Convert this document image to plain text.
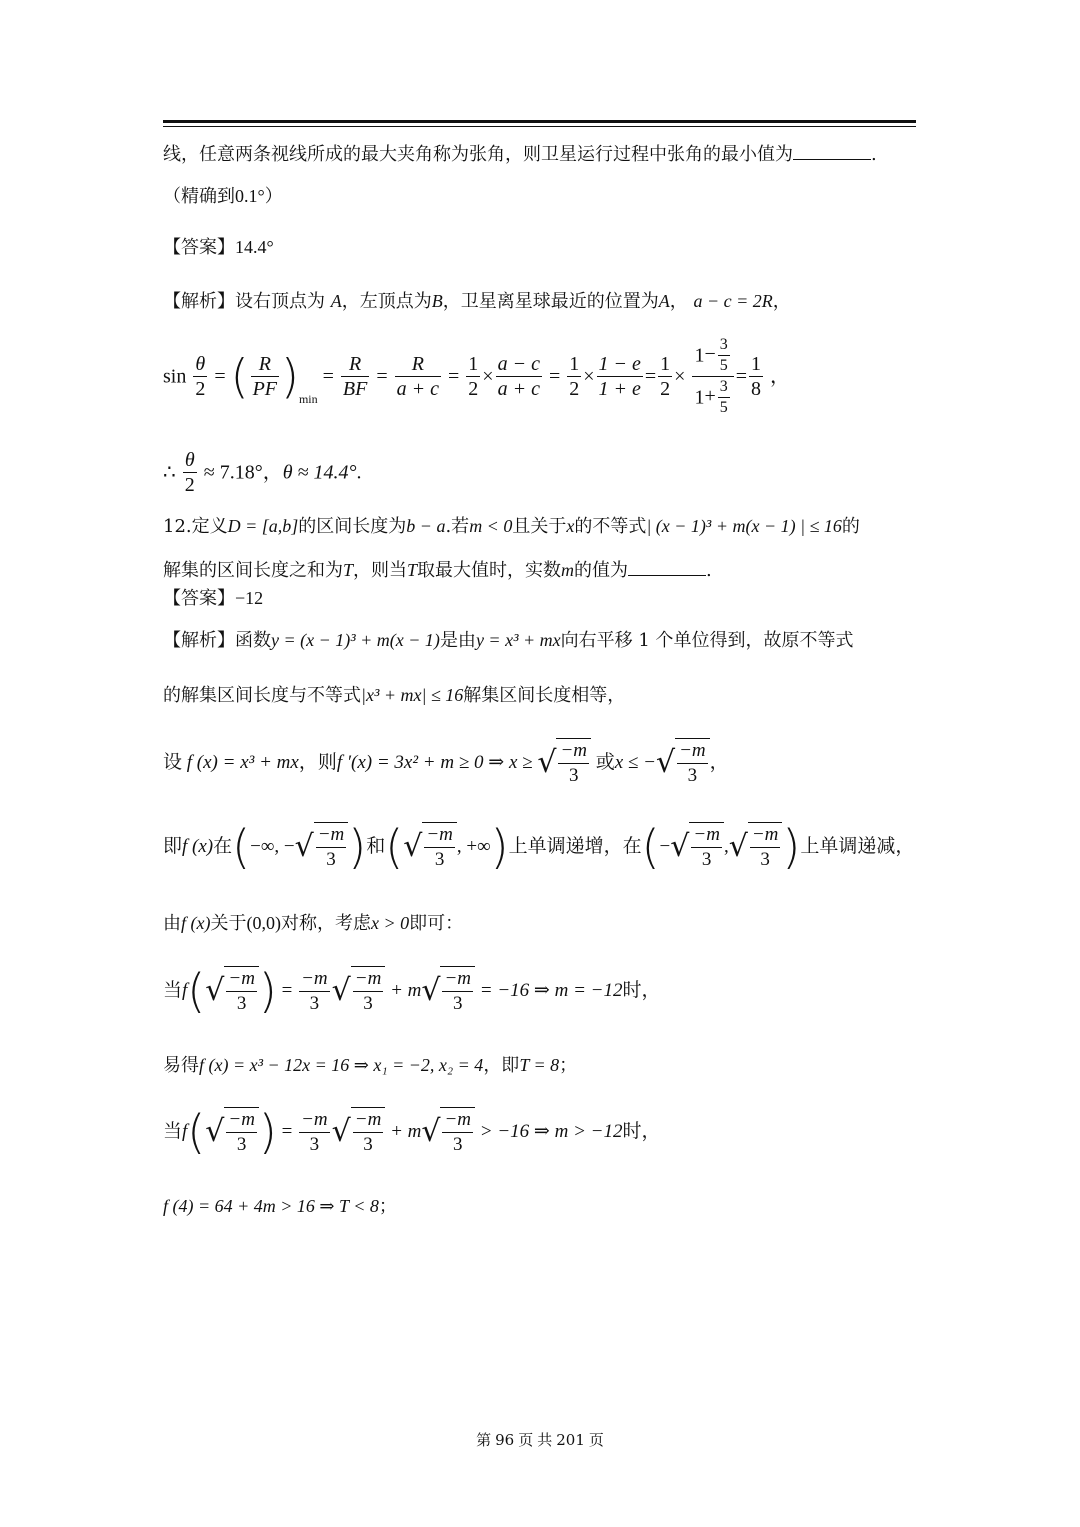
线，任意两条视线所成的最大夹角称为张角，则卫星运行过程中张角的最小值为	.
（精确到0.1°）
【答案】14.4°
【解析】设右顶点为 A，左顶点为B，卫星离星球最近的位置为A， a − c = 2R，
$\sin \frac{\theta}{2}$ = ( $\frac{R}{PF} )_{min} = \frac{R}{BF} = \frac{R}{a + c} = \frac{1}{2} \times \frac{a - c}{a + c} = \frac{1}{2} \times \frac{1 - e}{1 + e} = \frac{1}{2} \times \frac{1- \frac{3}{5}}{1+ \frac{3}{5}} = \frac{1}{8}$ ，
∴ $\frac{\theta}{2} \approx 7.18^\circ$，θ ≈ 14.4°.
12.定义D = [a,b]的区间长度为b − a.若m < 0且关于x的不等式| (x − 1)³ + m(x − 1) | ≤ 16的
解集的区间长度之和为T，则当T取最大值时，实数m的值为	.
【答案】−12
【解析】函数y = (x − 1)³ + m(x − 1)是由y = x³ + mx向右平移 1 个单位得到，故原不等式
的解集区间长度与不等式|x³ + mx| ≤ 16解集区间长度相等，
设 f (x) = x³ + mx，则f ′(x) = 3x² + m ≥ 0 ⇒ x ≥ √ $\frac{-m}{3}$ 或x ≤ −√ $\frac{-m}{3}$ ，
即f (x)在(−∞, −√ $\frac{-m}{3}$ )和(√ $\frac{-m}{3}$ , +∞)上单调递增，在(−√ $\frac{-m}{3}$ ,√ $\frac{-m}{3}$ )上单调递减，
由f (x)关于(0,0)对称，考虑x > 0即可：
当$f(√ \frac{-m}{3}$ ) = $\frac{-m}{3}$ √ $\frac{-m}{3} + m√ \frac{-m}{3} = -16$ ⇒ m = −12时，
易得f (x) = x³ − 12x = 16 ⇒ x₁ = −2, x₂ = 4，即T = 8；
当$f(√ \frac{-m}{3}$ ) = $\frac{-m}{3}$ √ $\frac{-m}{3} + m√ \frac{-m}{3} > -16$ ⇒ m > −12时，
f (4) = 64 + 4m > 16 ⇒ T < 8；
第 96 页 共 201 页
